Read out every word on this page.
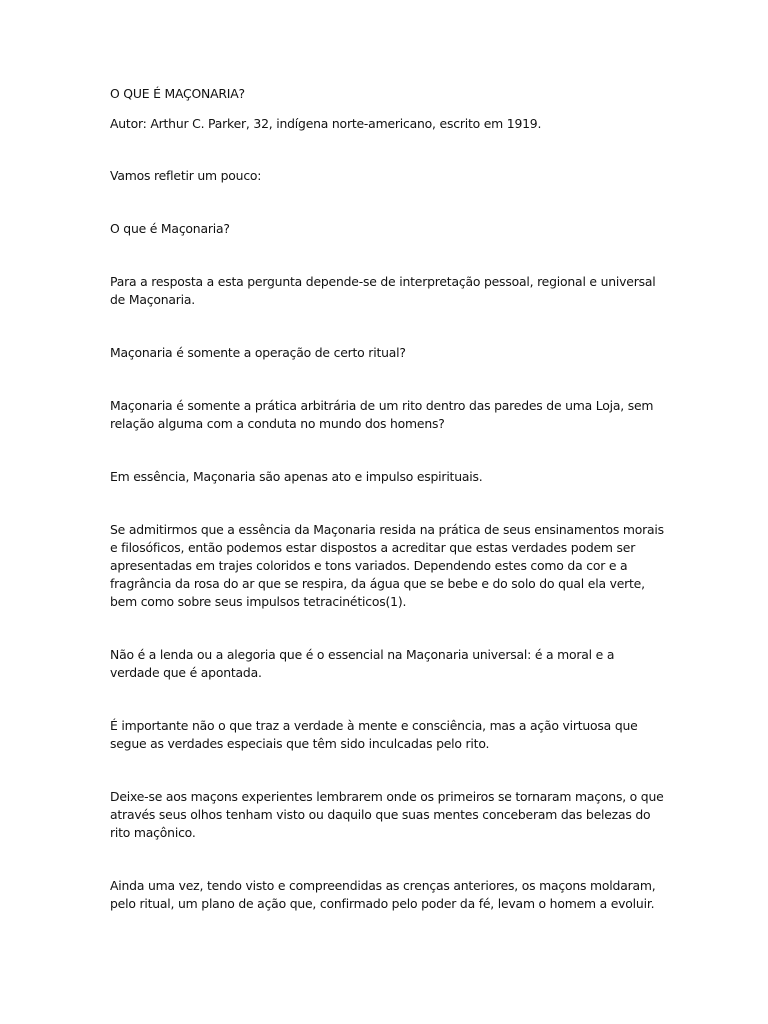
O QUE É MAÇONARIA?

Autor: Arthur C. Parker, 32, indígena norte-americano, escrito em 1919.

Vamos refletir um pouco:

O que é Maçonaria?

Para a resposta a esta pergunta depende-se de interpretação pessoal, regional e universal de Maçonaria.

Maçonaria é somente a operação de certo ritual?

Maçonaria é somente a prática arbitrária de um rito dentro das paredes de uma Loja, sem relação alguma com a conduta no mundo dos homens?

Em essência, Maçonaria são apenas ato e impulso espirituais.

Se admitirmos que a essência da Maçonaria resida na prática de seus ensinamentos morais e filosóficos, então podemos estar dispostos a acreditar que estas verdades podem ser apresentadas em trajes coloridos e tons variados. Dependendo estes como da cor e a fragrância da rosa do ar que se respira, da água que se bebe e do solo do qual ela verte, bem como sobre seus impulsos tetracinéticos(1).

Não é a lenda ou a alegoria que é o essencial na Maçonaria universal: é a moral e a verdade que é apontada.

É importante não o que traz a verdade à mente e consciência, mas a ação virtuosa que segue as verdades especiais que têm sido inculcadas pelo rito.

Deixe-se aos maçons experientes lembrarem onde os primeiros se tornaram maçons, o que através seus olhos tenham visto ou daquilo que suas mentes conceberam das belezas do rito maçônico.

Ainda uma vez, tendo visto e compreendidas as crenças anteriores, os maçons moldaram, pelo ritual, um plano de ação que, confirmado pelo poder da fé, levam o homem a evoluir.
